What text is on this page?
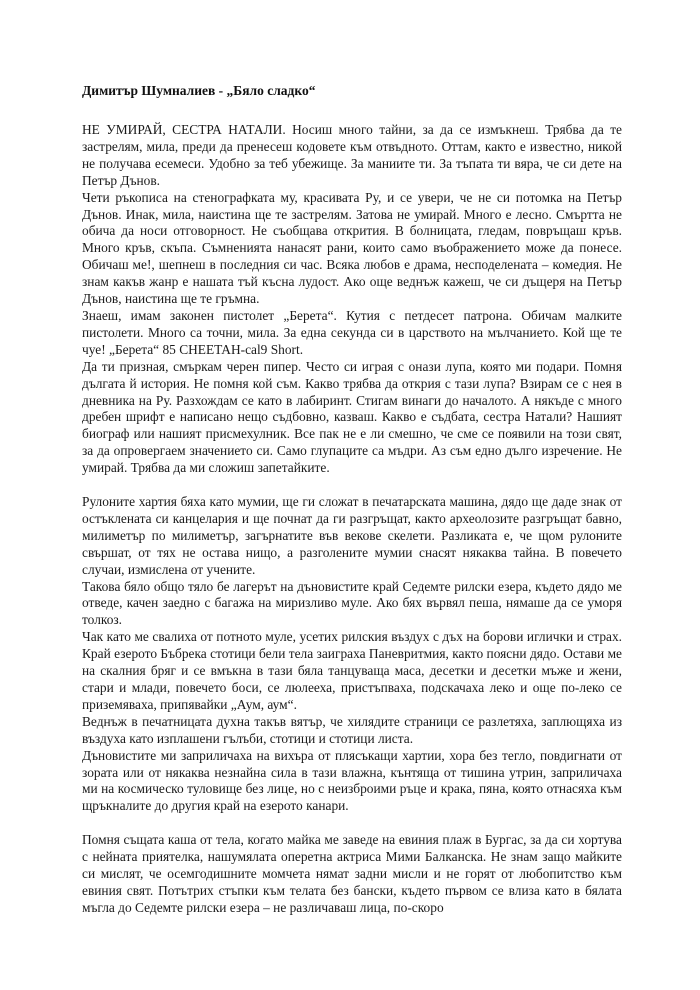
Димитър Шумналиев - „Бяло сладко“

НЕ УМИРАЙ, СЕСТРА НАТАЛИ. Носиш много тайни, за да се измъкнеш. Трябва да те застрелям, мила, преди да пренесеш кодовете към отвъдното. Оттам, както е известно, никой не получава есемеси. Удобно за теб убежище. За маниите ти. За тъпата ти вяра, че си дете на Петър Дънов.

Чети ръкописа на стенографката му, красивата Ру, и се увери, че не си потомка на Петър Дънов. Инак, мила, наистина ще те застрелям. Затова не умирай. Много е лесно. Смъртта не обича да носи отговорност. Не съобщава открития. В болницата, гледам, повръщаш кръв. Много кръв, скъпа. Съмненията нанасят рани, които само въображението може да понесе. Обичаш ме!, шепнеш в последния си час. Всяка любов е драма, несподелената – комедия. Не знам какъв жанр е нашата тъй късна лудост. Ако още веднъж кажеш, че си дъщеря на Петър Дънов, наистина ще те гръмна.

Знаеш, имам законен пистолет „Берета“. Кутия с петдесет патрона. Обичам малките пистолети. Много са точни, мила. За една секунда си в царството на мълчанието. Кой ще те чуе! „Берета“ 85 CHEETAH-cal9 Short.

Да ти призная, смъркам черен пипер. Често си играя с онази лупа, която ми подари. Помня дългата й история. Не помня кой съм. Какво трябва да открия с тази лупа? Взирам се с нея в дневника на Ру. Разхождам се като в лабиринт. Стигам винаги до началото. А някъде с много дребен шрифт е написано нещо съдбовно, казваш. Какво е съдбата, сестра Натали? Нашият биограф или нашият присмехулник. Все пак не е ли смешно, че сме се появили на този свят, за да опровергаем значението си. Само глупаците са мъдри. Аз съм едно дълго изречение. Не умирай. Трябва да ми сложиш запетайките.

Рулоните хартия бяха като мумии, ще ги сложат в печатарската машина, дядо ще даде знак от остъклената си канцелария и ще почнат да ги разгръщат, както археолозите разгръщат бавно, милиметър по милиметър, загърнатите във векове скелети. Разликата е, че щом рулоните свършат, от тях не остава нищо, а разголените мумии снасят някаква тайна. В повечето случаи, измислена от учените.

Такова бяло общо тяло бе лагерът на дъновистите край Седемте рилски езера, където дядо ме отведе, качен заедно с багажа на миризливо муле. Ако бях вървял пеша, нямаше да се уморя толкоз.

Чак като ме свалиха от потното муле, усетих рилския въздух с дъх на борови иглички и страх. Край езерото Бъбрека стотици бели тела заиграха Паневритмия, както поясни дядо. Остави ме на скалния бряг и се вмъкна в тази бяла танцуваща маса, десетки и десетки мъже и жени, стари и млади, повечето боси, се люлееха, пристъпваха, подскачаха леко и още по-леко се приземяваха, припявайки „Аум, аум“.

Веднъж в печатницата духна такъв вятър, че хилядите страници се разлетяха, заплющяха из въздуха като изплашени гълъби, стотици и стотици листа.

Дъновистите ми заприличаха на вихъра от плясъкащи хартии, хора без тегло, повдигнати от зората или от някаква незнайна сила в тази влажна, кънтяща от тишина утрин, заприличаха ми на космическо туловище без лице, но с неизброими ръце и крака, пяна, която отнасяха към щръкналите до другия край на езерото канари.

Помня същата каша от тела, когато майка ме заведе на евиния плаж в Бургас, за да си хортува с нейната приятелка, нашумялата оперетна актриса Мими Балканска. Не знам защо майките си мислят, че осемгодишните момчета нямат задни мисли и не горят от любопитство към евиния свят. Потътрих стъпки към телата без бански, където първом се влиза като в бялата мъгла до Седемте рилски езера – не различаваш лица, по-скоро
